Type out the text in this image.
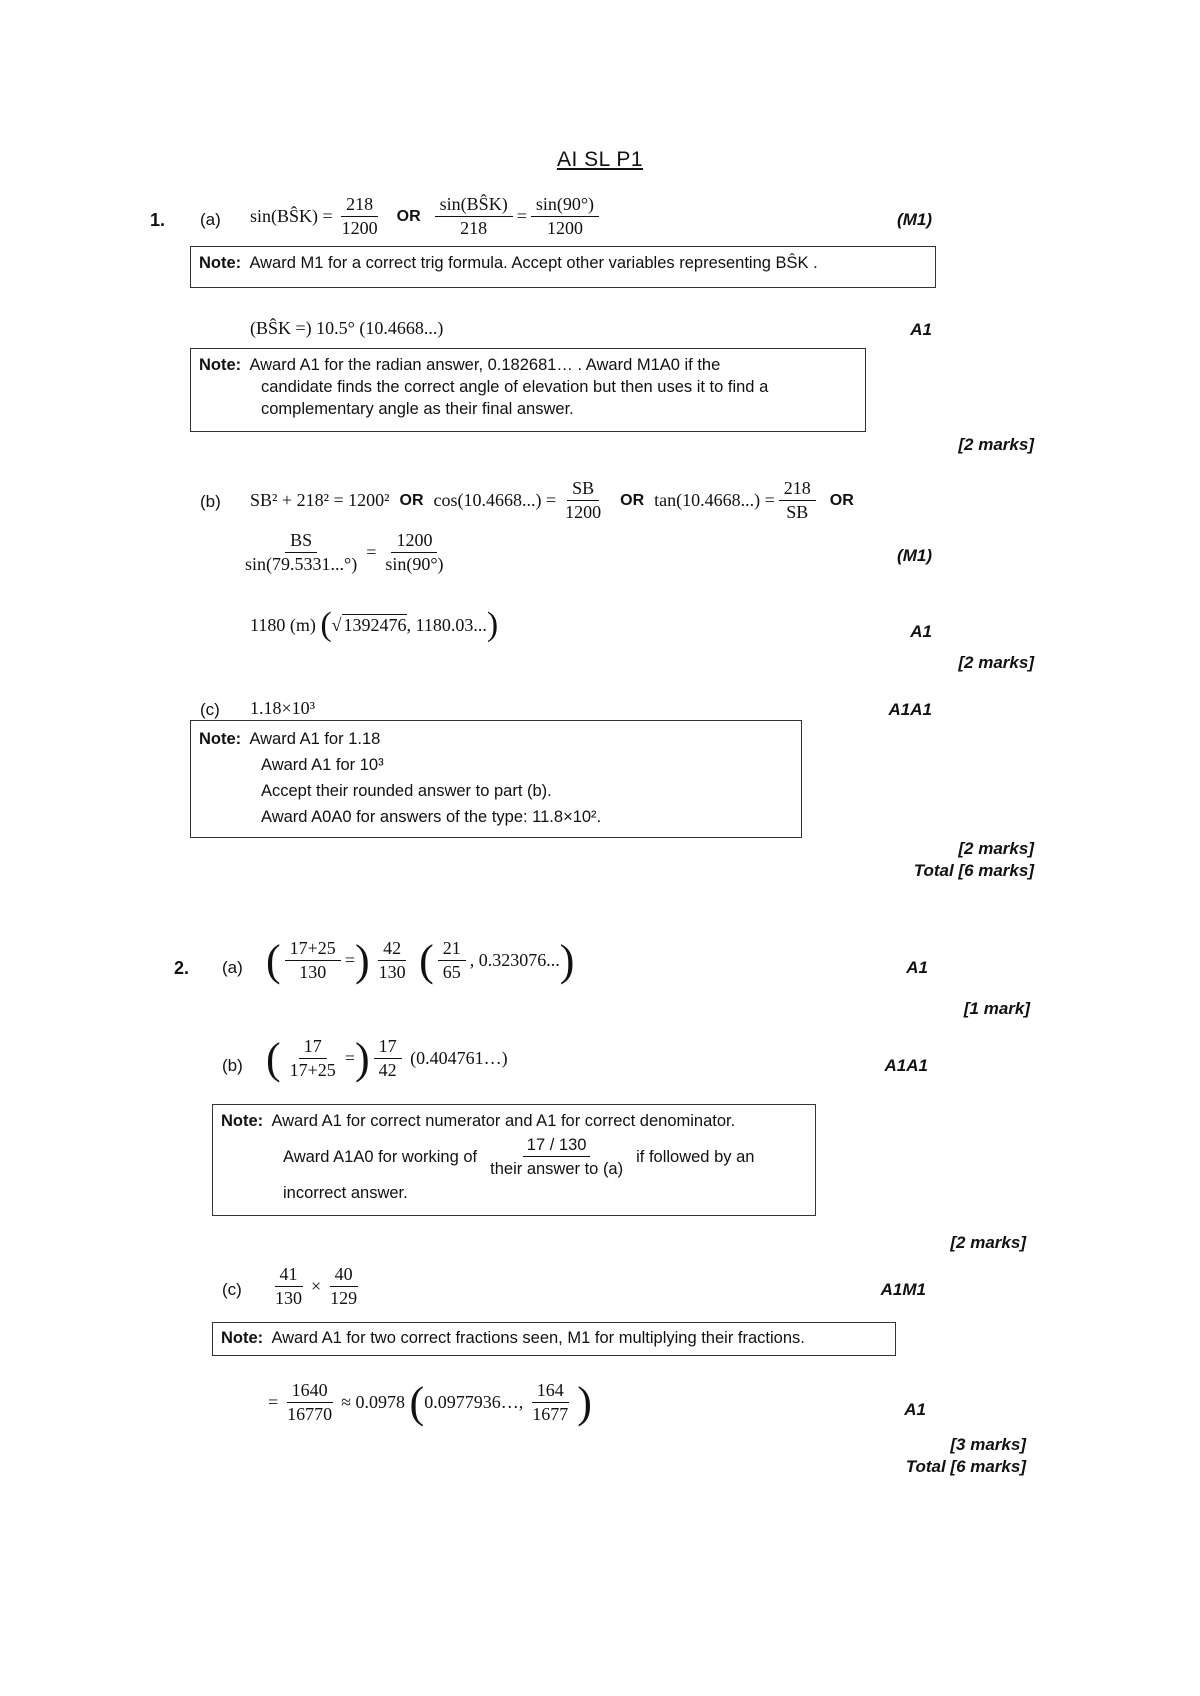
AI SL P1
1. (a) sin(BŜK) = $\frac{218}{1200}$ OR $\frac{\text{sin(BŜK)}}{218} = \frac{\sin(90^\circ)}{1200}$	(M1)
Note: Award M1 for a correct trig formula. Accept other variables representing BŜK .
(BŜK =) 10.5° (10.4668...)	A1
Note: Award A1 for the radian answer, 0.182681… . Award M1A0 if the
candidate finds the correct angle of elevation but then uses it to find a
complementary angle as their final answer.
[2 marks]
(b) SB² + 218² = 1200² OR $\cos(10.4668...) = \frac{SB}{1200}$ OR $\tan(10.4668...) = \frac{218}{SB}$ OR
$\frac{BS}{\sin(79.5331...^\circ)} = \frac{1200}{\sin(90^\circ)}$	(M1)
1180 (m)
( √ 1392476 , 1180.03... )	A1
[2 marks]
(c) 1.18×10³	A1A1
Note: Award A1 for 1.18
Award A1 for 10³
Accept their rounded answer to part (b).
Award A0A0 for answers of the type: 11.8×10².
[2 marks]
Total [6 marks]
2. (a) ( $\frac{17+25}{130}$ = ) $\frac{42}{130}$
( $\frac{21}{65}$ , 0.323076... )	A1
[1 mark]
(b) ( $\frac{17}{17+25}$ = ) $\frac{17}{42}$
(0.404761…)	A1A1
Note: Award A1 for correct numerator and A1 for correct denominator.
Award A1A0 for working of $\frac{17 / 130}{\text{their answer to (a)}}$ if followed by an
incorrect answer.
[2 marks]
$(c) \frac{41}{130} \times \frac{40}{129}$	A1M1
Note: Award A1 for two correct fractions seen, M1 for multiplying their fractions.
= $\frac{1640}{16770} \approx 0.0978$
( 0.0977936…, $\frac{164}{1677}$ )	A1
[3 marks]
Total [6 marks]
